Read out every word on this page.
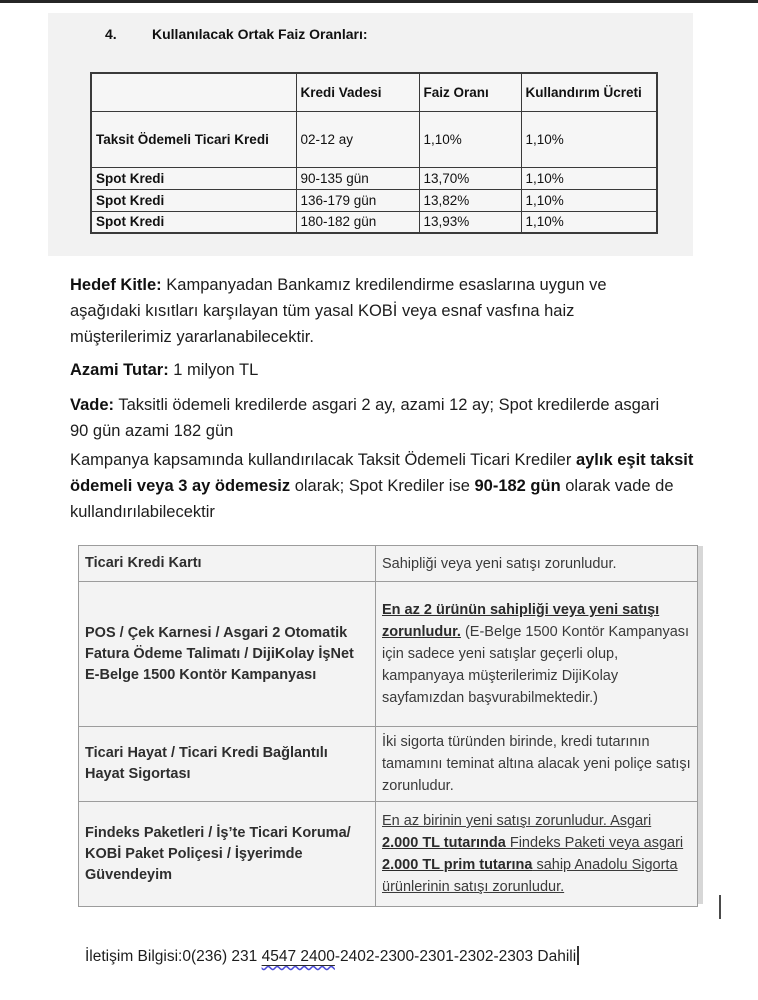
4.	Kullanılacak Ortak Faiz Oranları:
	Kredi Vadesi	Faiz Oranı	Kullandırım Ücreti
Taksit Ödemeli Ticari Kredi	02-12 ay	1,10%	1,10%
Spot Kredi	90-135 gün	13,70%	1,10%
Spot Kredi	136-179 gün	13,82%	1,10%
Spot Kredi	180-182 gün	13,93%	1,10%

Hedef Kitle: Kampanyadan Bankamız kredilendirme esaslarına uygun ve aşağıdaki kısıtları karşılayan tüm yasal KOBİ veya esnaf vasfına haiz müşterilerimiz yararlanabilecektir.

Azami Tutar: 1 milyon TL

Vade: Taksitli ödemeli kredilerde asgari 2 ay, azami 12 ay; Spot kredilerde asgari 90 gün azami 182 gün

Kampanya kapsamında kullandırılacak Taksit Ödemeli Ticari Krediler aylık eşit taksit ödemeli veya 3 ay ödemesiz olarak; Spot Krediler ise 90-182 gün olarak vade de kullandırılabilecektir

Ticari Kredi Kartı	Sahipliği veya yeni satışı zorunludur.
POS / Çek Karnesi / Asgari 2 Otomatik Fatura Ödeme Talimatı / DijiKolay İşNet E-Belge 1500 Kontör Kampanyası	En az 2 ürünün sahipliği veya yeni satışı zorunludur. (E-Belge 1500 Kontör Kampanyası için sadece yeni satışlar geçerli olup, kampanyaya müşterilerimiz DijiKolay sayfamızdan başvurabilmektedir.)
Ticari Hayat / Ticari Kredi Bağlantılı Hayat Sigortası	İki sigorta türünden birinde, kredi tutarının tamamını teminat altına alacak yeni poliçe satışı zorunludur.
Findeks Paketleri / İş’te Ticari Koruma/ KOBİ Paket Poliçesi / İşyerimde Güvendeyim	En az birinin yeni satışı zorunludur. Asgari 2.000 TL tutarında Findeks Paketi veya asgari 2.000 TL prim tutarına sahip Anadolu Sigorta ürünlerinin satışı zorunludur.
İletişim Bilgisi:0(236) 231 4547 2400-2402-2300-2301-2302-2303 Dahili
